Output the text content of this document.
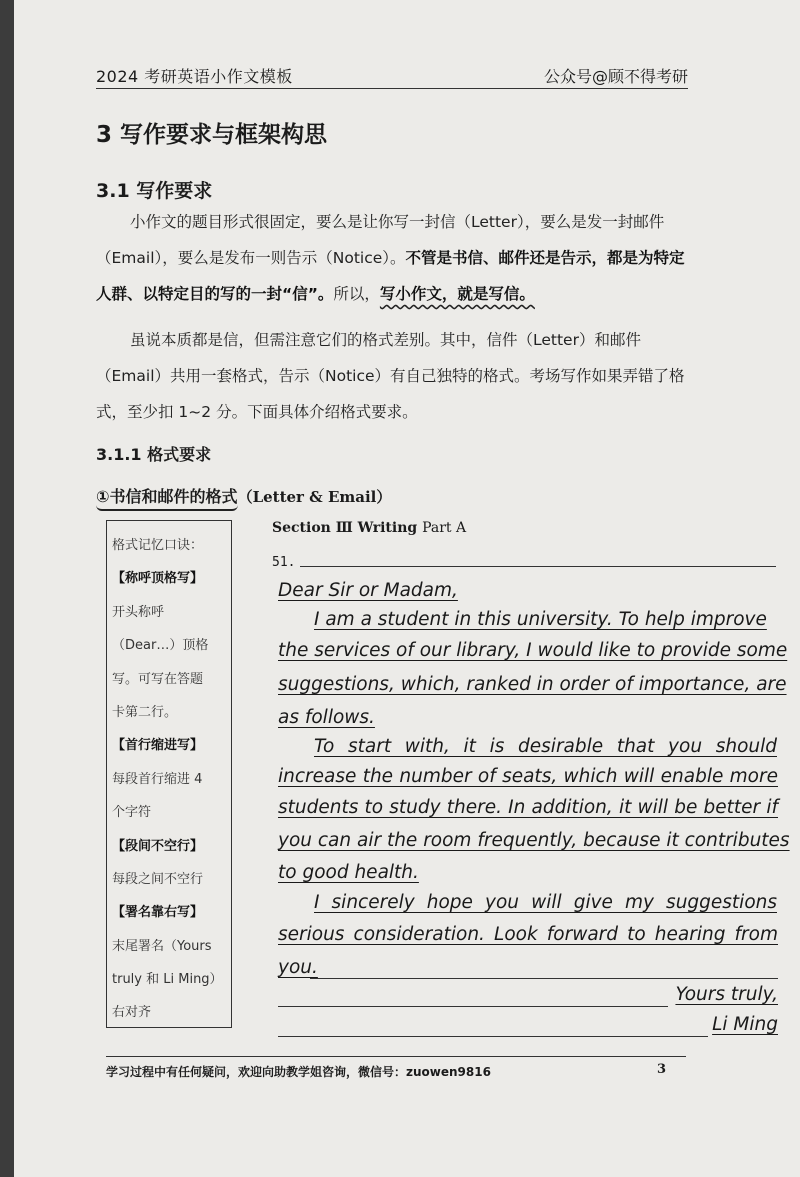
2024 考研英语小作文模板	公众号@顾不得考研
3 写作要求与框架构思
3.1 写作要求
小作文的题目形式很固定，要么是让你写一封信（Letter），要么是发一封邮件（Email），要么是发布一则告示（Notice）。不管是书信、邮件还是告示，都是为特定人群、以特定目的写的一封“信”。所以，写小作文，就是写信。
虽说本质都是信，但需注意它们的格式差别。其中，信件（Letter）和邮件（Email）共用一套格式，告示（Notice）有自己独特的格式。考场写作如果弄错了格式，至少扣 1~2 分。下面具体介绍格式要求。
3.1.1 格式要求
①书信和邮件的格式（Letter & Email）
格式记忆口诀：
【称呼顶格写】
开头称呼
（Dear…）顶格
写。可写在答题
卡第二行。
【首行缩进写】
每段首行缩进 4
个字符
【段间不空行】
每段之间不空行
【署名靠右写】
末尾署名（Yours
truly 和 Li Ming）
右对齐
Section Ⅲ Writing Part A
51.
Dear Sir or Madam,
I am a student in this university. To help improve
the services of our library, I would like to provide some
suggestions, which, ranked in order of importance, are
as follows.
To start with, it is desirable that you should
increase the number of seats, which will enable more
students to study there. In addition, it will be better if
you can air the room frequently, because it contributes
to good health.
I sincerely hope you will give my suggestions
serious consideration. Look forward to hearing from
you.
Yours truly,
Li Ming
学习过程中有任何疑问，欢迎向助教学姐咨询，微信号：zuowen9816	3
